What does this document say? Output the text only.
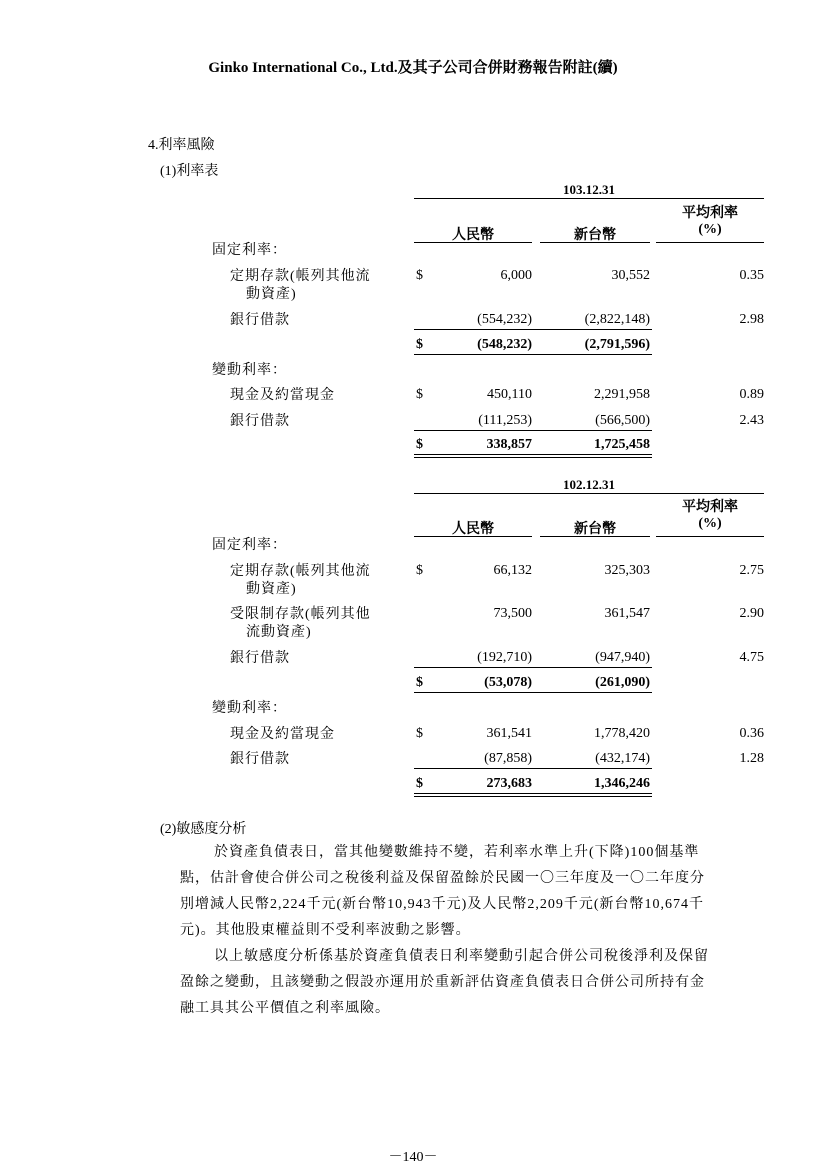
Ginko International Co., Ltd.及其子公司合併財務報告附註(續)
4.利率風險
(1)利率表
103.12.31
平均利率
人民幣	新台幣	(%)
固定利率：
定期存款(帳列其他流
動資產)
$	6,000	30,552	0.35
銀行借款	(554,232)	(2,822,148)	2.98
$	(548,232)	(2,791,596)
變動利率：
現金及約當現金	$	450,110	2,291,958	0.89
銀行借款	(111,253)	(566,500)	2.43
$	338,857	1,725,458
102.12.31
平均利率
人民幣	新台幣	(%)
固定利率：
定期存款(帳列其他流
動資產)
$	66,132	325,303	2.75
受限制存款(帳列其他
流動資產)
73,500	361,547	2.90
銀行借款	(192,710)	(947,940)	4.75
$	(53,078)	(261,090)
變動利率：
現金及約當現金	$	361,541	1,778,420	0.36
銀行借款	(87,858)	(432,174)	1.28
$	273,683	1,346,246
(2)敏感度分析
於資產負債表日，當其他變數維持不變，若利率水準上升(下降)100個基準
點，估計會使合併公司之稅後利益及保留盈餘於民國一〇三年度及一〇二年度分
別增減人民幣2,224千元(新台幣10,943千元)及人民幣2,209千元(新台幣10,674千
元)。其他股東權益則不受利率波動之影響。
以上敏感度分析係基於資產負債表日利率變動引起合併公司稅後淨利及保留
盈餘之變動，且該變動之假設亦運用於重新評估資產負債表日合併公司所持有金
融工具其公平價值之利率風險。
－140－
